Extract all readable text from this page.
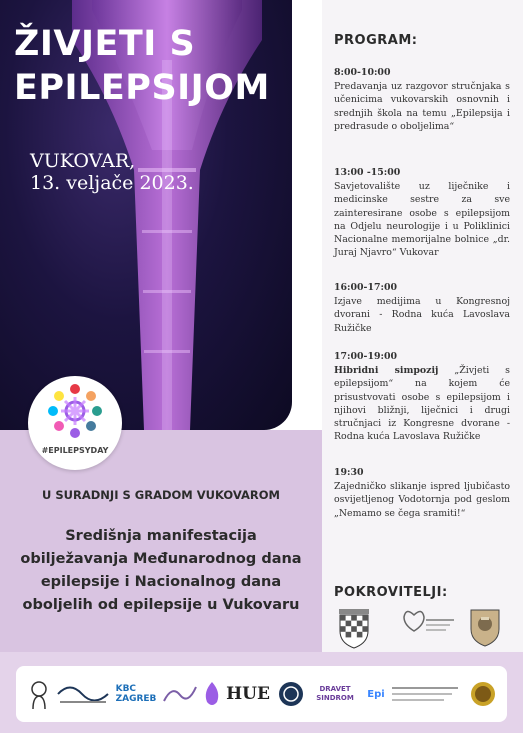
ŽIVJETI S
EPILEPSIJOM
VUKOVAR,
13. veljače 2023.
#EPILEPSYDAY
U SURADNJI S GRADOM VUKOVAROM
Središnja manifestacija obilježavanja Međunarodnog dana epilepsije i Nacionalnog dana oboljelih od epilepsije u Vukovaru
PROGRAM:
8:00-10:00
Predavanja uz razgovor stručnjaka s učenicima vukovarskih osnovnih i srednjih škola na temu „Epilepsija i predrasude o oboljelima“
13:00 -15:00
Savjetovalište uz liječnike i medicinske sestre za sve zainteresirane osobe s epilepsijom na Odjelu neurologije i u Poliklinici Nacionalne memorijalne bolnice „dr. Juraj Njavro“ Vukovar
16:00-17:00
Izjave medijima u Kongresnoj dvorani - Rodna kuća Lavoslava Ružičke
17:00-19:00
Hibridni simpozij „Živjeti s epilepsijom“ na kojem će prisustvovati osobe s epilepsijom i njihovi bližnji, liječnici i drugi stručnjaci iz Kongresne dvorane - Rodna kuća Lavoslava Ružičke
19:30
Zajedničko slikanje ispred ljubičasto osvijetljenog Vodotornja pod geslom „Nemamo se čega sramiti!“
POKROVITELJI:
KBC ZAGREB	HUE	DRAVET SINDROM	Epi
